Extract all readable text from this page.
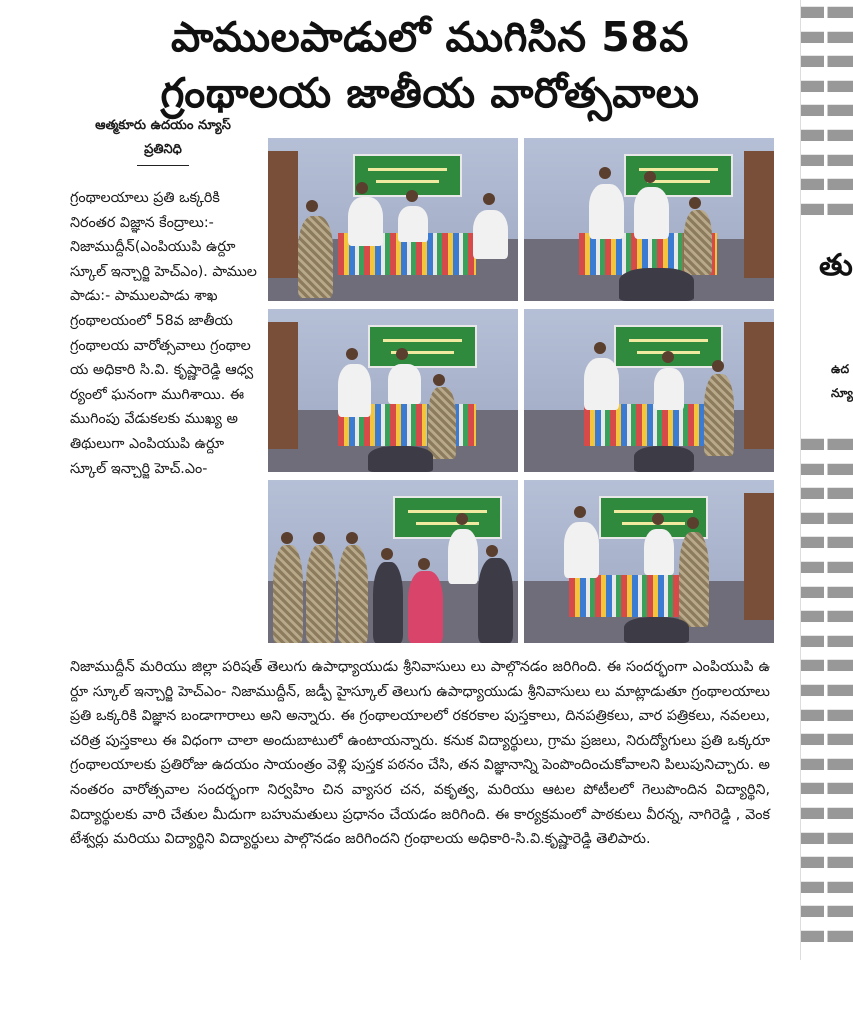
పాములపాడులో ముగిసిన 58వ
గ్రంథాలయ జాతీయ వారోత్సవాలు
ఆత్మకూరు ఉదయం న్యూస్
ప్రతినిధి
గ్రంథాలయాలు ప్రతి ఒక్కరికి నిరంతర విజ్ఞాన కేంద్రాలు:- నిజాముద్దీన్(ఎంపియుపి ఉర్దూ స్కూల్ ఇన్చార్జి హెచ్ఎం). పాములపాడు:- పాములపాడు శాఖ గ్రంథాలయంలో 58వ జాతీయ గ్రంథాలయ వారోత్సవాలు గ్రంథాలయ అధికారి సి.వి. కృష్ణారెడ్డి ఆధ్వర్యంలో ఘనంగా ముగిశాయి. ఈ ముగింపు వేడుకలకు ముఖ్య అతిథులుగా ఎంపియుపి ఉర్దూ స్కూల్ ఇన్చార్జి హెచ్.ఎం-
నిజాముద్దీన్ మరియు జిల్లా పరిషత్ తెలుగు ఉపాధ్యాయుడు శ్రీనివాసులు లు పాల్గొనడం జరిగింది. ఈ సందర్భంగా ఎంపియుపి ఉర్దూ స్కూల్ ఇన్చార్జి హెచ్ఎం- నిజాముద్దీన్, జడ్పీ హైస్కూల్ తెలుగు ఉపాధ్యాయుడు శ్రీనివాసులు లు మాట్లాడుతూ గ్రంథాలయాలు ప్రతి ఒక్కరికి విజ్ఞాన బండాగారాలు అని అన్నారు. ఈ గ్రంథాలయాలలో రకరకాల పుస్తకాలు, దినపత్రికలు, వార పత్రికలు, నవలలు, చరిత్ర పుస్తకాలు ఈ విధంగా చాలా అందుబాటులో ఉంటాయన్నారు. కనుక విద్యార్థులు, గ్రామ ప్రజలు, నిరుద్యోగులు ప్రతి ఒక్కరూ గ్రంథాలయాలకు ప్రతిరోజు ఉదయం సాయంత్రం వెళ్లి పుస్తక పఠనం చేసి, తన విజ్ఞానాన్ని పెంపొందించుకోవాలని పిలుపునిచ్చారు. అనంతరం వారోత్సవాల సందర్భంగా నిర్వహిం చిన వ్యాసర చన, వకృత్వ, మరియు ఆటల పోటీలలో గెలుపొందిన విద్యార్థిని, విద్యార్థులకు వారి చేతుల మీదుగా బహుమతులు ప్రధానం చేయడం జరిగింది. ఈ కార్యక్రమంలో పాఠకులు వీరన్న, నాగిరెడ్డి , వెంకటేశ్వర్లు మరియు విద్యార్థిని విద్యార్థులు పాల్గొనడం జరిగిందని గ్రంథాలయ అధికారి-సి.వి.కృష్ణారెడ్డి తెలిపారు.
తు
ఉద
న్యూ
